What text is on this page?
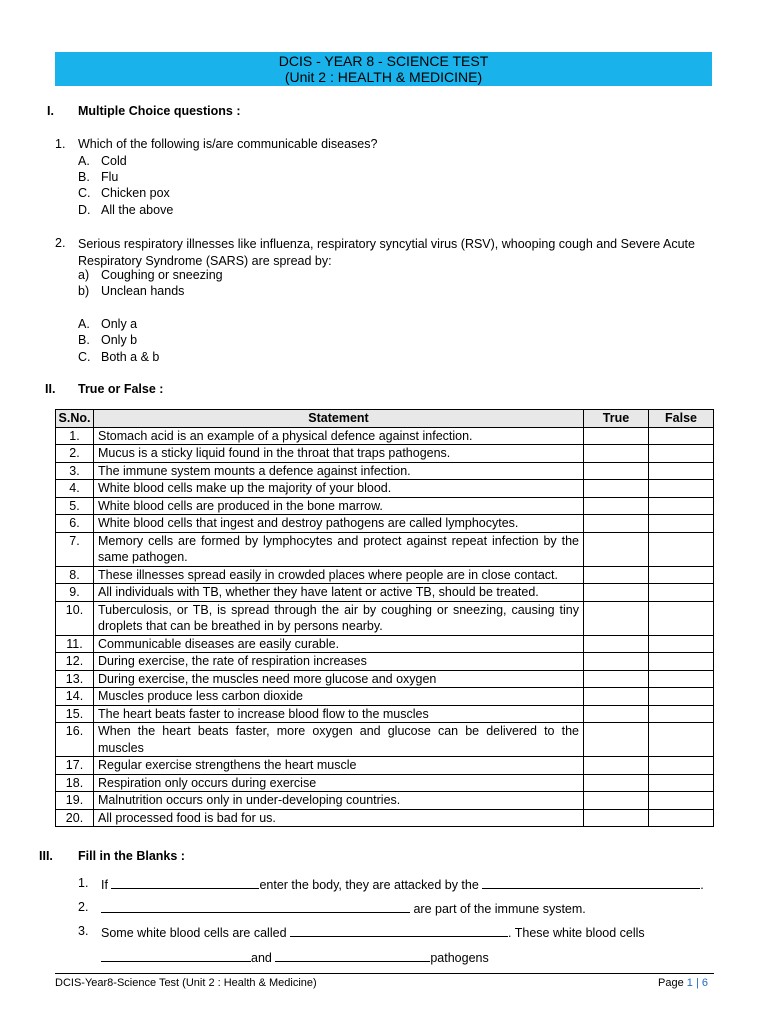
DCIS - YEAR 8 - SCIENCE TEST
(Unit 2 : HEALTH & MEDICINE)
I. Multiple Choice questions :
1. Which of the following is/are communicable diseases?
A. Cold
B. Flu
C. Chicken pox
D. All the above
2. Serious respiratory illnesses like influenza, respiratory syncytial virus (RSV), whooping cough and Severe Acute Respiratory Syndrome (SARS) are spread by:
a) Coughing or sneezing
b) Unclean hands
A. Only a
B. Only b
C. Both a & b
II. True or False :
S.No.	Statement	True	False
1.	Stomach acid is an example of a physical defence against infection.		
2.	Mucus is a sticky liquid found in the throat that traps pathogens.		
3.	The immune system mounts a defence against infection.		
4.	White blood cells make up the majority of your blood.		
5.	White blood cells are produced in the bone marrow.		
6.	White blood cells that ingest and destroy pathogens are called lymphocytes.		
7.	Memory cells are formed by lymphocytes and protect against repeat infection by the same pathogen.		
8.	These illnesses spread easily in crowded places where people are in close contact.		
9.	All individuals with TB, whether they have latent or active TB, should be treated.		
10.	Tuberculosis, or TB, is spread through the air by coughing or sneezing, causing tiny droplets that can be breathed in by persons nearby.		
11.	Communicable diseases are easily curable.		
12.	During exercise, the rate of respiration increases		
13.	During exercise, the muscles need more glucose and oxygen		
14.	Muscles produce less carbon dioxide		
15.	The heart beats faster to increase blood flow to the muscles		
16.	When the heart beats faster, more oxygen and glucose can be delivered to the muscles		
17.	Regular exercise strengthens the heart muscle		
18.	Respiration only occurs during exercise		
19.	Malnutrition occurs only in under-developing countries.		
20.	All processed food is bad for us.		
III. Fill in the Blanks :
1. If	enter the body, they are attacked by the	.
2.	are part of the immune system.
3. Some white blood cells are called	. These white blood cells
and	pathogens
DCIS-Year8-Science Test (Unit 2 : Health & Medicine)	Page 1 | 6
